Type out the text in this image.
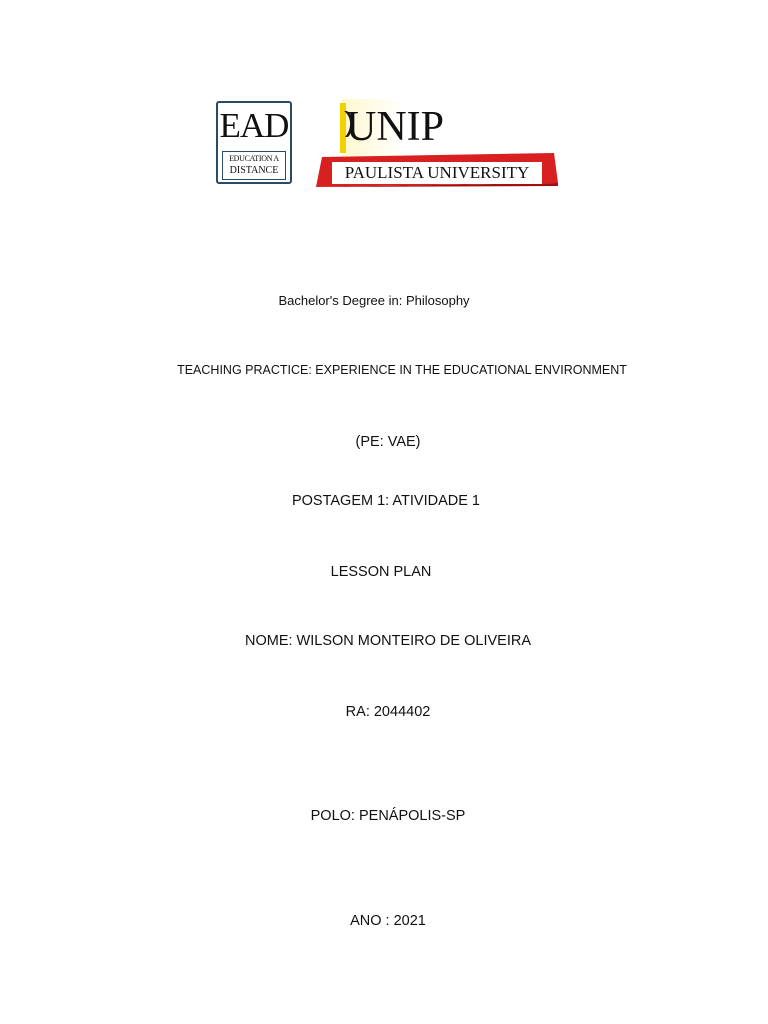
EAD
EDUCATION A
DISTANCE
UNIP
PAULISTA UNIVERSITY
Bachelor's Degree in: Philosophy
TEACHING PRACTICE: EXPERIENCE IN THE EDUCATIONAL ENVIRONMENT
(PE: VAE)
POSTAGEM 1: ATIVIDADE 1
LESSON PLAN
NOME: WILSON MONTEIRO DE OLIVEIRA
RA: 2044402
POLO: PENÁPOLIS-SP
ANO : 2021
